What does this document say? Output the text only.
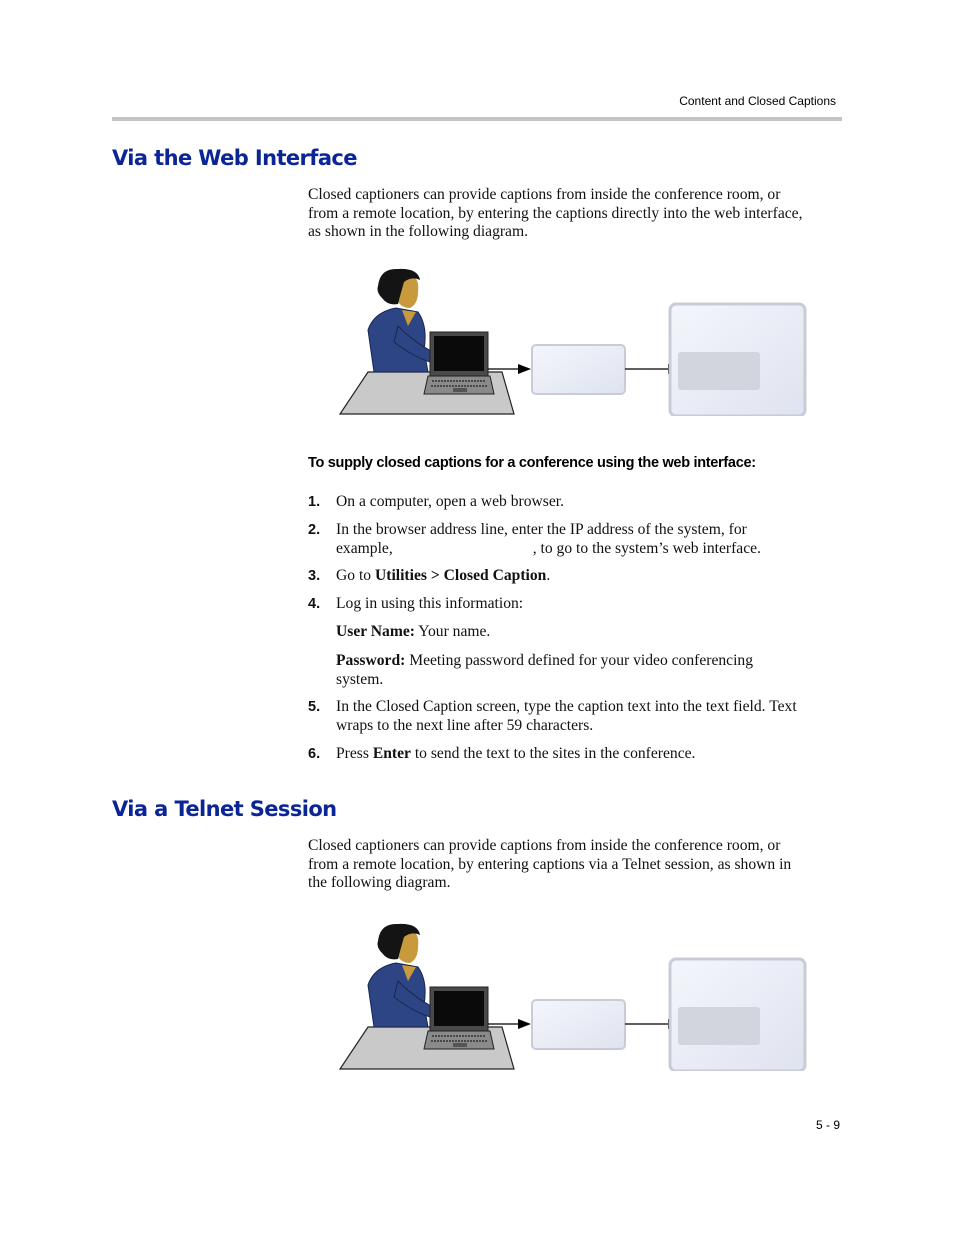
Content and Closed Captions
Via the Web Interface
Closed captioners can provide captions from inside the conference room, or
from a remote location, by entering the captions directly into the web interface,
as shown in the following diagram.
To supply closed captions for a conference using the web interface:
1. On a computer, open a web browser.
2. In the browser address line, enter the IP address of the system, for
example,	, to go to the system’s web interface.
3. Go to Utilities > Closed Caption.
4. Log in using this information:
User Name: Your name.
Password: Meeting password defined for your video conferencing
system.
5. In the Closed Caption screen, type the caption text into the text field. Text
wraps to the next line after 59 characters.
6. Press Enter to send the text to the sites in the conference.
Via a Telnet Session
Closed captioners can provide captions from inside the conference room, or
from a remote location, by entering captions via a Telnet session, as shown in
the following diagram.
5 - 9
